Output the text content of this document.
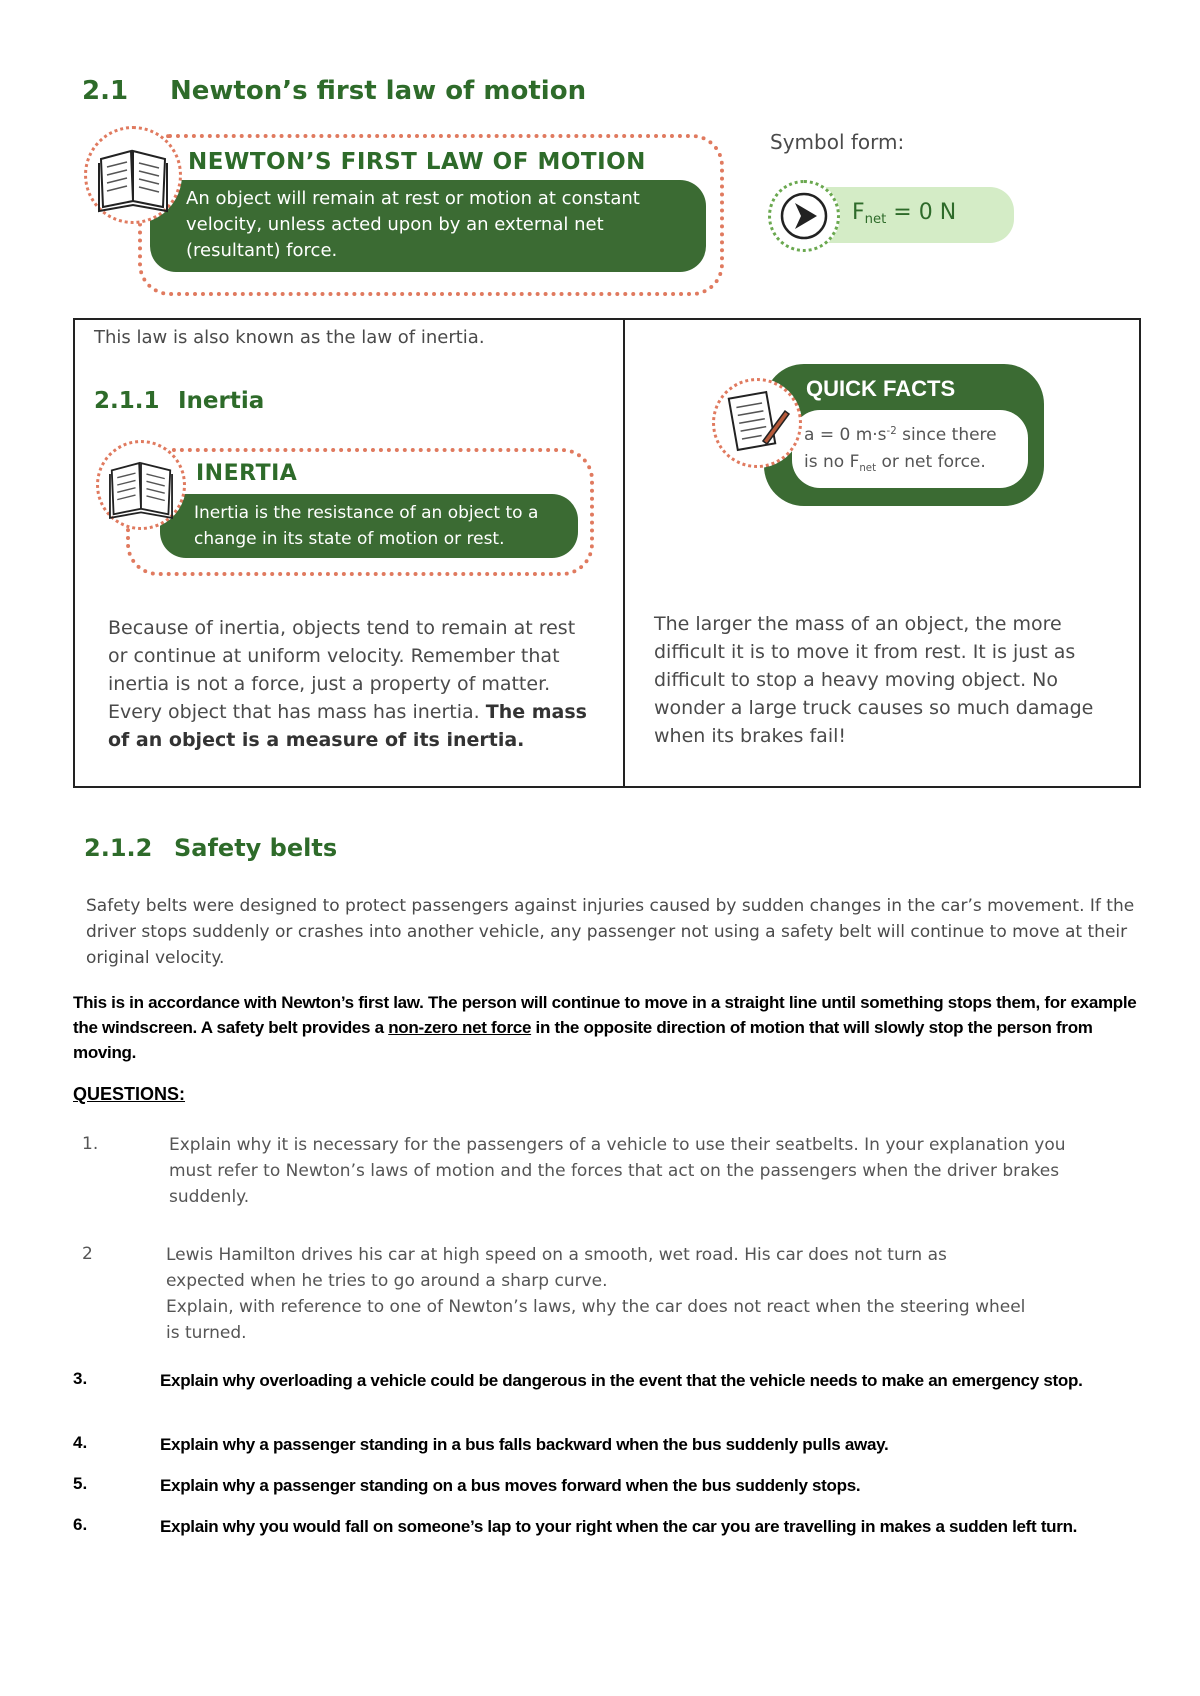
2.1 Newton’s first law of motion
NEWTON’S FIRST LAW OF MOTION
An object will remain at rest or motion at constant velocity, unless acted upon by an external net (resultant) force.
Symbol form:
$F_{net} = 0$ N
This law is also known as the law of inertia.
2.1.1 Inertia
INERTIA
Inertia is the resistance of an object to a change in its state of motion or rest.
Because of inertia, objects tend to remain at rest or continue at uniform velocity. Remember that inertia is not a force, just a property of matter. Every object that has mass has inertia. The mass of an object is a measure of its inertia.
QUICK FACTS
a = 0 $m\cdot s^{-2}$ since there
is no $F_{net}$ or net force.
The larger the mass of an object, the more difficult it is to move it from rest. It is just as difficult to stop a heavy moving object. No wonder a large truck causes so much damage when its brakes fail!
2.1.2 Safety belts
Safety belts were designed to protect passengers against injuries caused by sudden changes in the car’s movement. If the driver stops suddenly or crashes into another vehicle, any passenger not using a safety belt will continue to move at their original velocity.
This is in accordance with Newton’s first law. The person will continue to move in a straight line until something stops them, for example the windscreen. A safety belt provides a non-zero net force in the opposite direction of motion that will slowly stop the person from moving.
QUESTIONS:
1.	Explain why it is necessary for the passengers of a vehicle to use their seatbelts. In your explanation you must refer to Newton’s laws of motion and the forces that act on the passengers when the driver brakes suddenly.
2	Lewis Hamilton drives his car at high speed on a smooth, wet road. His car does not turn as expected when he tries to go around a sharp curve.
Explain, with reference to one of Newton’s laws, why the car does not react when the steering wheel is turned.
3.	Explain why overloading a vehicle could be dangerous in the event that the vehicle needs to make an emergency stop.
4.	Explain why a passenger standing in a bus falls backward when the bus suddenly pulls away.
5.	Explain why a passenger standing on a bus moves forward when the bus suddenly stops.
6.	Explain why you would fall on someone’s lap to your right when the car you are travelling in makes a sudden left turn.
